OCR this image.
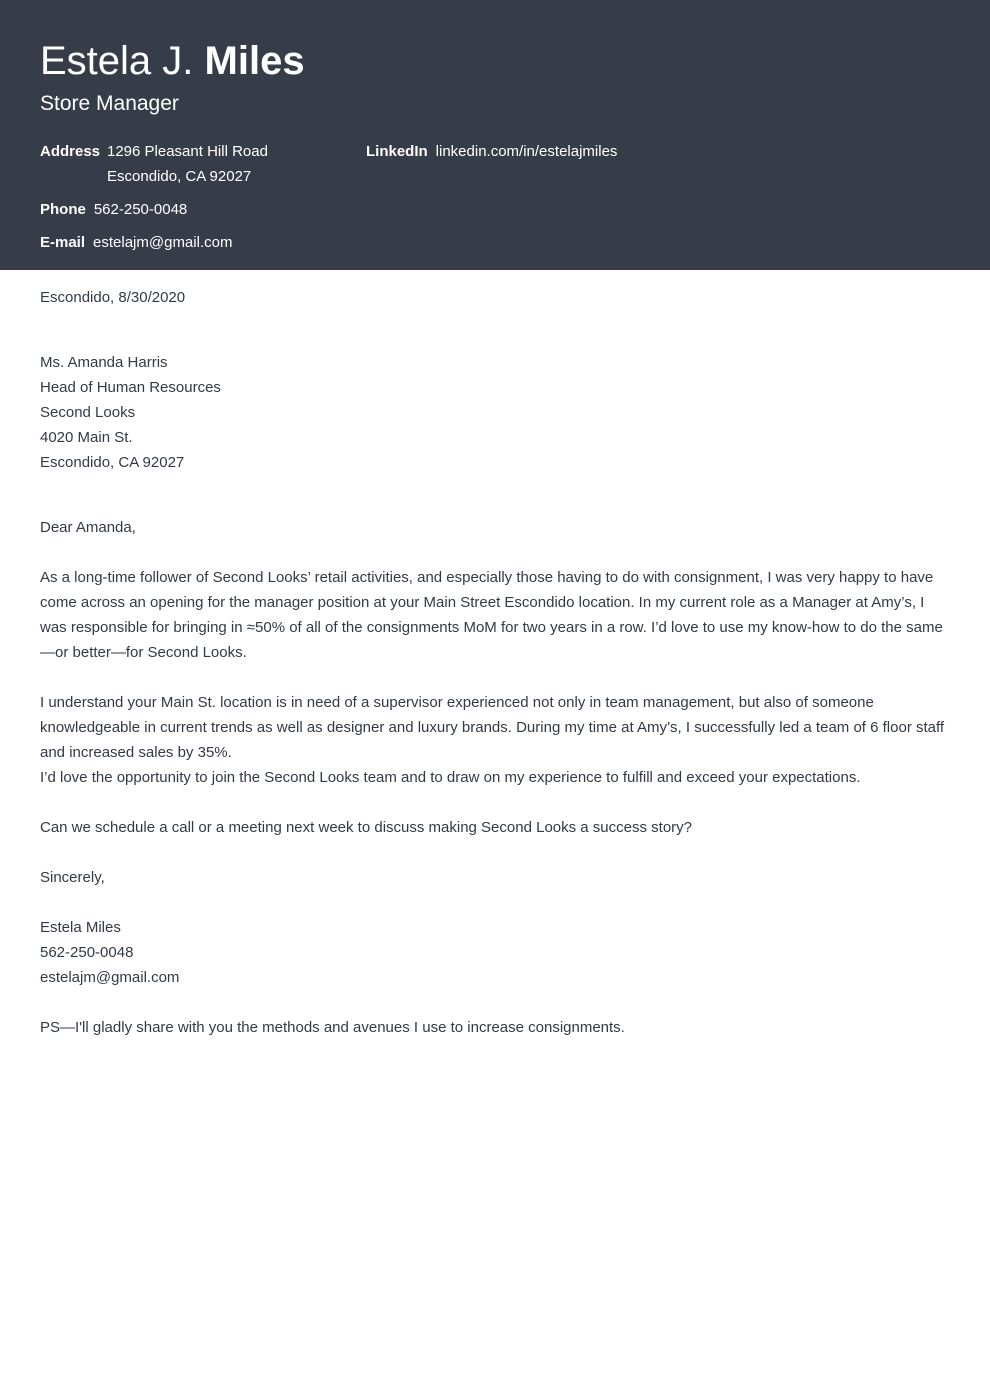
Estela J. Miles
Store Manager
Address 1296 Pleasant Hill Road
Escondido, CA 92027
LinkedIn linkedin.com/in/estelajmiles
Phone 562-250-0048
E-mail estelajm@gmail.com
Escondido, 8/30/2020
Ms. Amanda Harris
Head of Human Resources
Second Looks
4020 Main St.
Escondido, CA 92027
Dear Amanda,

As a long-time follower of Second Looks’ retail activities, and especially those having to do with consignment, I was very happy to have come across an opening for the manager position at your Main Street Escondido location. In my current role as a Manager at Amy’s, I was responsible for bringing in ≈50% of all of the consignments MoM for two years in a row. I’d love to use my know-how to do the same—or better—for Second Looks.

I understand your Main St. location is in need of a supervisor experienced not only in team management, but also of someone knowledgeable in current trends as well as designer and luxury brands. During my time at Amy’s, I successfully led a team of 6 floor staff and increased sales by 35%.

I’d love the opportunity to join the Second Looks team and to draw on my experience to fulfill and exceed your expectations.

Can we schedule a call or a meeting next week to discuss making Second Looks a success story?

Sincerely,
Estela Miles
562-250-0048
estelajm@gmail.com
PS—I'll gladly share with you the methods and avenues I use to increase consignments.
